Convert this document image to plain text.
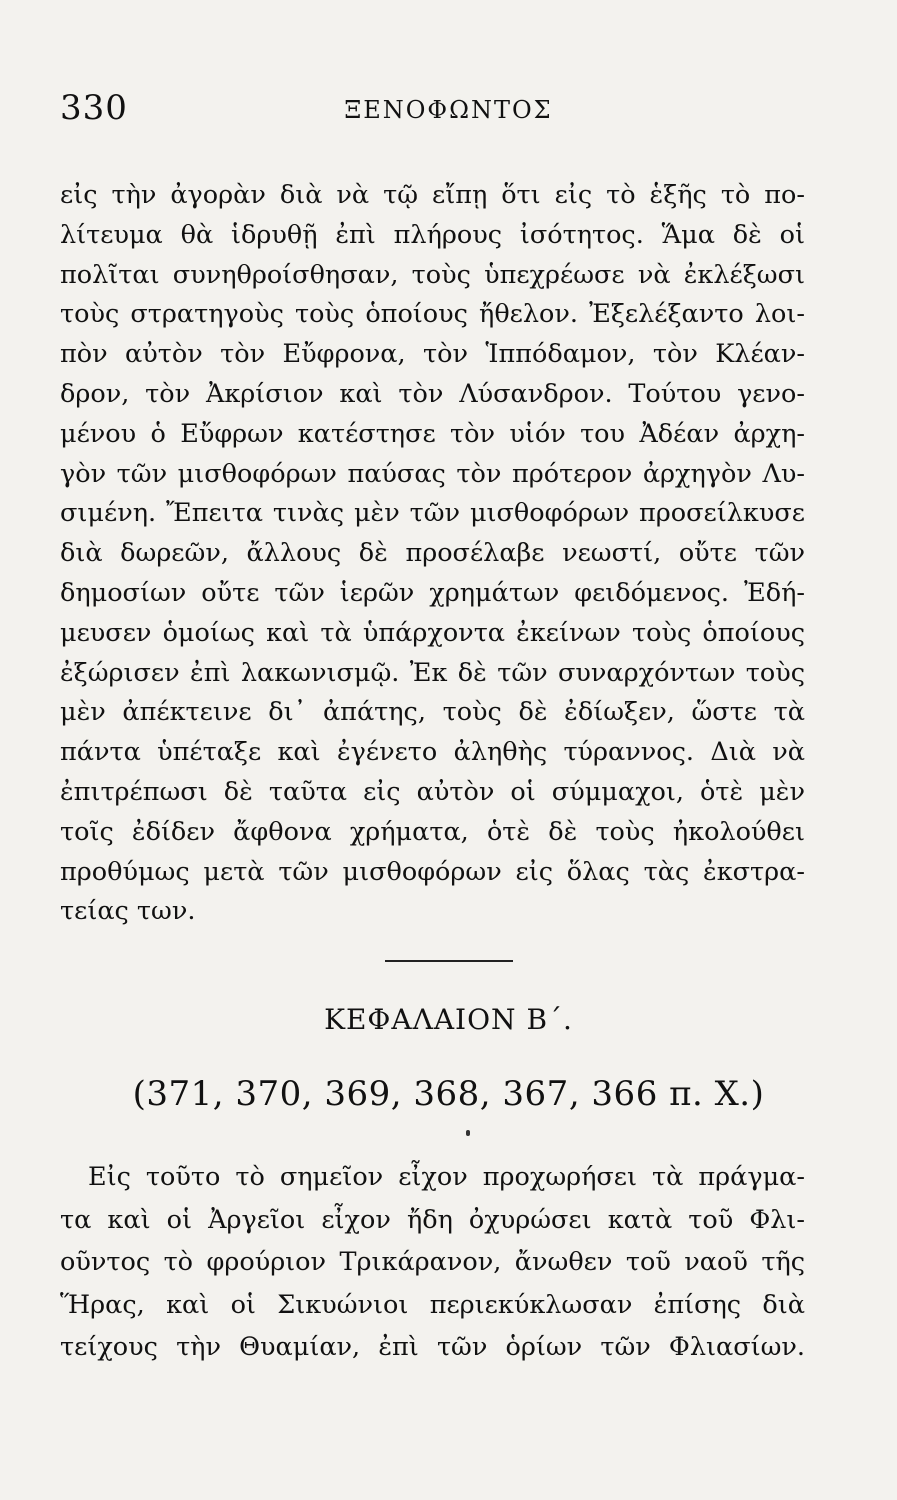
330	ΞΕΝΟΦΩΝΤΟΣ
εἰς τὴν ἀγορὰν διὰ νὰ τῷ εἴπῃ ὅτι εἰς τὸ ἑξῆς τὸ πο-
λίτευμα θὰ ἱδρυθῇ ἐπὶ πλήρους ἰσότητος. Ἅμα δὲ οἱ
πολῖται συνηθροίσθησαν, τοὺς ὑπεχρέωσε νὰ ἐκλέξωσι
τοὺς στρατηγοὺς τοὺς ὁποίους ἤθελον. Ἐξελέξαντο λοι-
πὸν αὐτὸν τὸν Εὔφρονα, τὸν Ἱππόδαμον, τὸν Κλέαν-
δρον, τὸν Ἀκρίσιον καὶ τὸν Λύσανδρον. Τούτου γενο-
μένου ὁ Εὔφρων κατέστησε τὸν υἱόν του Ἀδέαν ἀρχη-
γὸν τῶν μισθοφόρων παύσας τὸν πρότερον ἀρχηγὸν Λυ-
σιμένη. Ἔπειτα τινὰς μὲν τῶν μισθοφόρων προσείλκυσε
διὰ δωρεῶν, ἄλλους δὲ προσέλαβε νεωστί, οὔτε τῶν
δημοσίων οὔτε τῶν ἱερῶν χρημάτων φειδόμενος. Ἐδή-
μευσεν ὁμοίως καὶ τὰ ὑπάρχοντα ἐκείνων τοὺς ὁποίους
ἐξώρισεν ἐπὶ λακωνισμῷ. Ἐκ δὲ τῶν συναρχόντων τοὺς
μὲν ἀπέκτεινε δι᾽ ἀπάτης, τοὺς δὲ ἐδίωξεν, ὥστε τὰ
πάντα ὑπέταξε καὶ ἐγένετο ἀληθὴς τύραννος. Διὰ νὰ
ἐπιτρέπωσι δὲ ταῦτα εἰς αὐτὸν οἱ σύμμαχοι, ὁτὲ μὲν
τοῖς ἐδίδεν ἄφθονα χρήματα, ὁτὲ δὲ τοὺς ἠκολούθει
προθύμως μετὰ τῶν μισθοφόρων εἰς ὅλας τὰς ἐκστρα-
τείας των.
ΚΕΦΑΛΑΙΟΝ Β΄.
(371, 370, 369, 368, 367, 366 π. Χ.)
Εἰς τοῦτο τὸ σημεῖον εἶχον προχωρήσει τὰ πράγμα-
τα καὶ οἱ Ἀργεῖοι εἶχον ἤδη ὀχυρώσει κατὰ τοῦ Φλι-
οῦντος τὸ φρούριον Τρικάρανον, ἄνωθεν τοῦ ναοῦ τῆς
Ἥρας, καὶ οἱ Σικυώνιοι περιεκύκλωσαν ἐπίσης διὰ
τείχους τὴν Θυαμίαν, ἐπὶ τῶν ὁρίων τῶν Φλιασίων.
